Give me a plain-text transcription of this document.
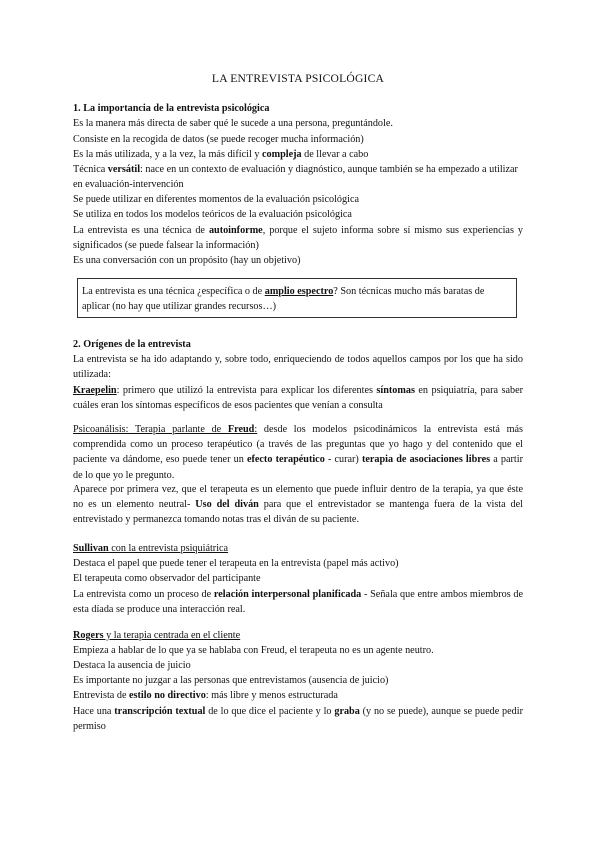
LA ENTREVISTA PSICOLÓGICA

1. La importancia de la entrevista psicológica

Es la manera más directa de saber qué le sucede a una persona, preguntándole.

Consiste en la recogida de datos (se puede recoger mucha información)

Es la más utilizada, y a la vez, la más difícil y compleja de llevar a cabo

Técnica versátil: nace en un contexto de evaluación y diagnóstico, aunque también se ha empezado a utilizar en evaluación-intervención

Se puede utilizar en diferentes momentos de la evaluación psicológica

Se utiliza en todos los modelos teóricos de la evaluación psicológica

La entrevista es una técnica de autoinforme, porque el sujeto informa sobre sí mismo sus experiencias y significados (se puede falsear la información)

Es una conversación con un propósito (hay un objetivo)

La entrevista es una técnica ¿específica o de amplio espectro? Son técnicas mucho más baratas de aplicar (no hay que utilizar grandes recursos…)

2. Orígenes de la entrevista

La entrevista se ha ido adaptando y, sobre todo, enriqueciendo de todos aquellos campos por los que ha sido utilizada:

Kraepelin: primero que utilizó la entrevista para explicar los diferentes síntomas en psiquiatría, para saber cuáles eran los síntomas específicos de esos pacientes que venían a consulta

Psicoanálisis: Terapia parlante de Freud: desde los modelos psicodinámicos la entrevista está más comprendida como un proceso terapéutico (a través de las preguntas que yo hago y del contenido que el paciente va dándome, eso puede tener un efecto terapéutico - curar) terapia de asociaciones libres a partir de lo que yo le pregunto.

Aparece por primera vez, que el terapeuta es un elemento que puede influir dentro de la terapia, ya que éste no es un elemento neutral- Uso del diván para que el entrevistador se mantenga fuera de la vista del entrevistado y permanezca tomando notas tras el diván de su paciente.

Sullivan con la entrevista psiquiátrica

Destaca el papel que puede tener el terapeuta en la entrevista (papel más activo)

El terapeuta como observador del participante

La entrevista como un proceso de relación interpersonal planificada - Señala que entre ambos miembros de esta díada se produce una interacción real.

Rogers y la terapia centrada en el cliente

Empieza a hablar de lo que ya se hablaba con Freud, el terapeuta no es un agente neutro.

Destaca la ausencia de juicio

Es importante no juzgar a las personas que entrevistamos (ausencia de juicio)

Entrevista de estilo no directivo: más libre y menos estructurada

Hace una transcripción textual de lo que dice el paciente y lo graba (y no se puede), aunque se puede pedir permiso
